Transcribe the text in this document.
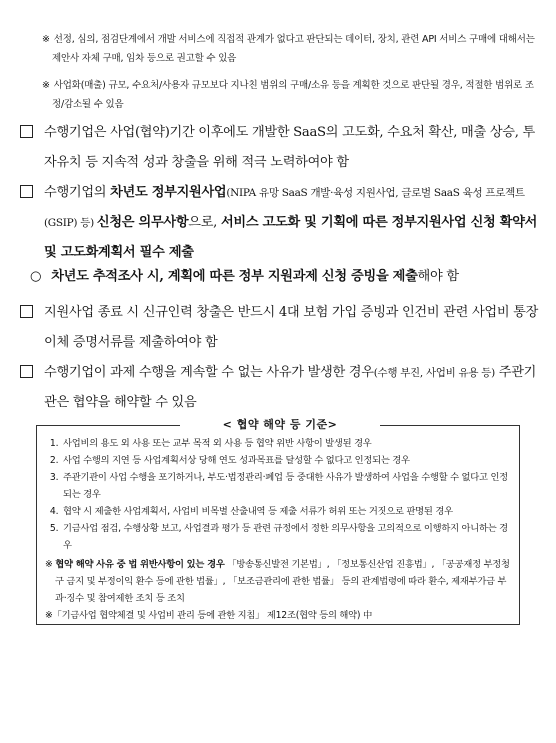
※ 선정, 심의, 점검단계에서 개발 서비스에 직접적 관계가 없다고 판단되는 데이터, 장치, 관련 API 서비스 구매에 대해서는 제안사 자체 구매, 임차 등으로 권고할 수 있음
※ 사업화(매출) 규모, 수요처/사용자 규모보다 지나친 범위의 구매/소유 등을 계획한 것으로 판단될 경우, 적절한 범위로 조정/감소될 수 있음
수행기업은 사업(협약)기간 이후에도 개발한 SaaS의 고도화, 수요처 확산, 매출 상승, 투자유치 등 지속적 성과 창출을 위해 적극 노력하여야 함
수행기업의 차년도 정부지원사업(NIPA 유망 SaaS 개발·육성 지원사업, 글로벌 SaaS 육성 프로젝트(GSIP) 등) 신청은 의무사항으로, 서비스 고도화 및 기획에 따른 정부지원사업 신청 확약서 및 고도화계획서 필수 제출
○ 차년도 추적조사 시, 계획에 따른 정부 지원과제 신청 증빙을 제출해야 함
지원사업 종료 시 신규인력 창출은 반드시 4대 보험 가입 증빙과 인건비 관련 사업비 통장이체 증명서류를 제출하여야 함
수행기업이 과제 수행을 계속할 수 없는 사유가 발생한 경우(수행 부진, 사업비 유용 등) 주관기관은 협약을 해약할 수 있음
< 협약 해약 등 기준>
1. 사업비의 용도 외 사용 또는 교부 목적 외 사용 등 협약 위반 사항이 발생된 경우
2. 사업 수행의 지연 등 사업계획서상 당해 연도 성과목표를 달성할 수 없다고 인정되는 경우
3. 주관기관이 사업 수행을 포기하거나, 부도·법정관리·폐업 등 중대한 사유가 발생하여 사업을 수행할 수 없다고 인정되는 경우
4. 협약 시 제출한 사업계획서, 사업비 비목별 산출내역 등 제출 서류가 허위 또는 거짓으로 판명된 경우
5. 기금사업 점검, 수행상황 보고, 사업결과 평가 등 관련 규정에서 정한 의무사항을 고의적으로 이행하지 아니하는 경우
※ 협약 해약 사유 중 법 위반사항이 있는 경우 「방송통신발전 기본법」, 「정보통신산업 진흥법」, 「공공재정 부정청구 금지 및 부정이익 환수 등에 관한 법률」, 「보조금관리에 관한 법률」 등의 관계법령에 따라 환수, 제재부가금 부과·징수 및 참여제한 조치 등 조치
※「기금사업 협약체결 및 사업비 관리 등에 관한 지침」 제12조(협약 등의 해약) 中
